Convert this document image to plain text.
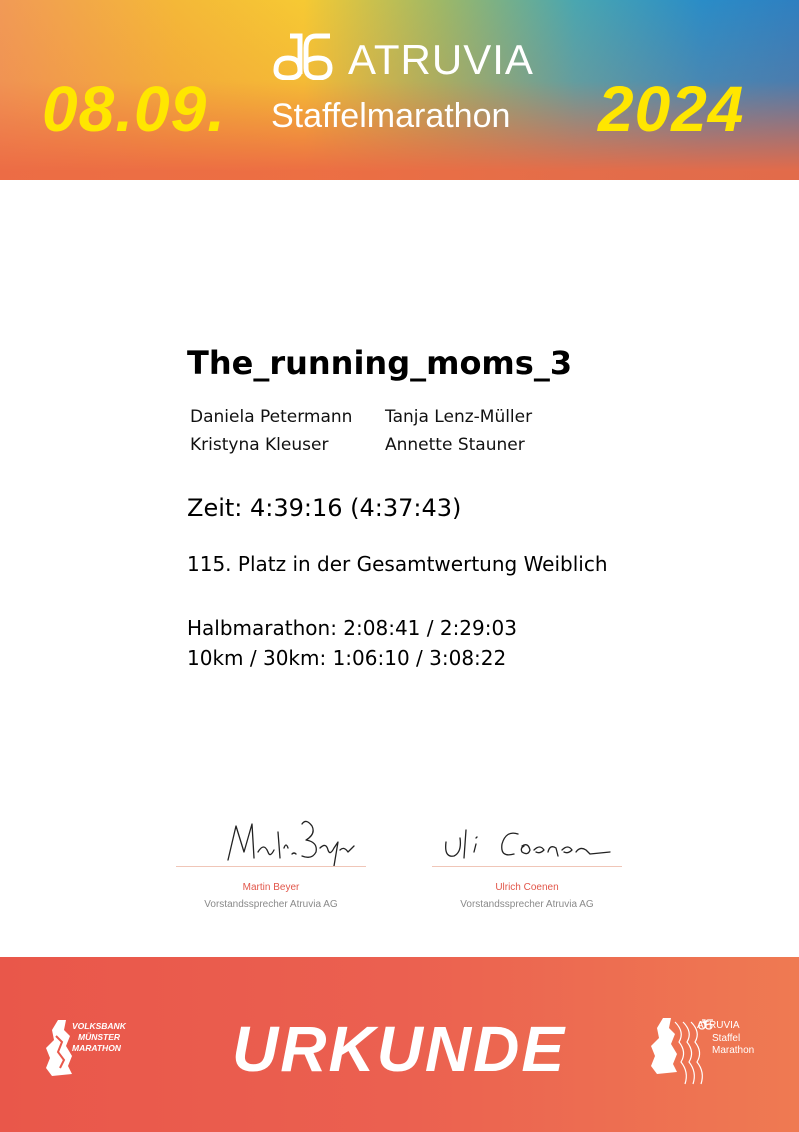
08.09.
ATRUVIA
Staffelmarathon 2024
The_running_moms_3
Daniela Petermann Tanja Lenz-Müller
Kristyna Kleuser	Annette Stauner
Zeit: 4:39:16 (4:37:43)
115. Platz in der Gesamtwertung Weiblich
Halbmarathon: 2:08:41 / 2:29:03
10km / 30km: 1:06:10 / 3:08:22
Martin Beyer
Vorstandssprecher Atruvia AG
Ulrich Coenen
Vorstandssprecher Atruvia AG
VOLKSBANK
MÜNSTER
MARATHON URKUNDE	ATRUVIA
Staffel
Marathon
